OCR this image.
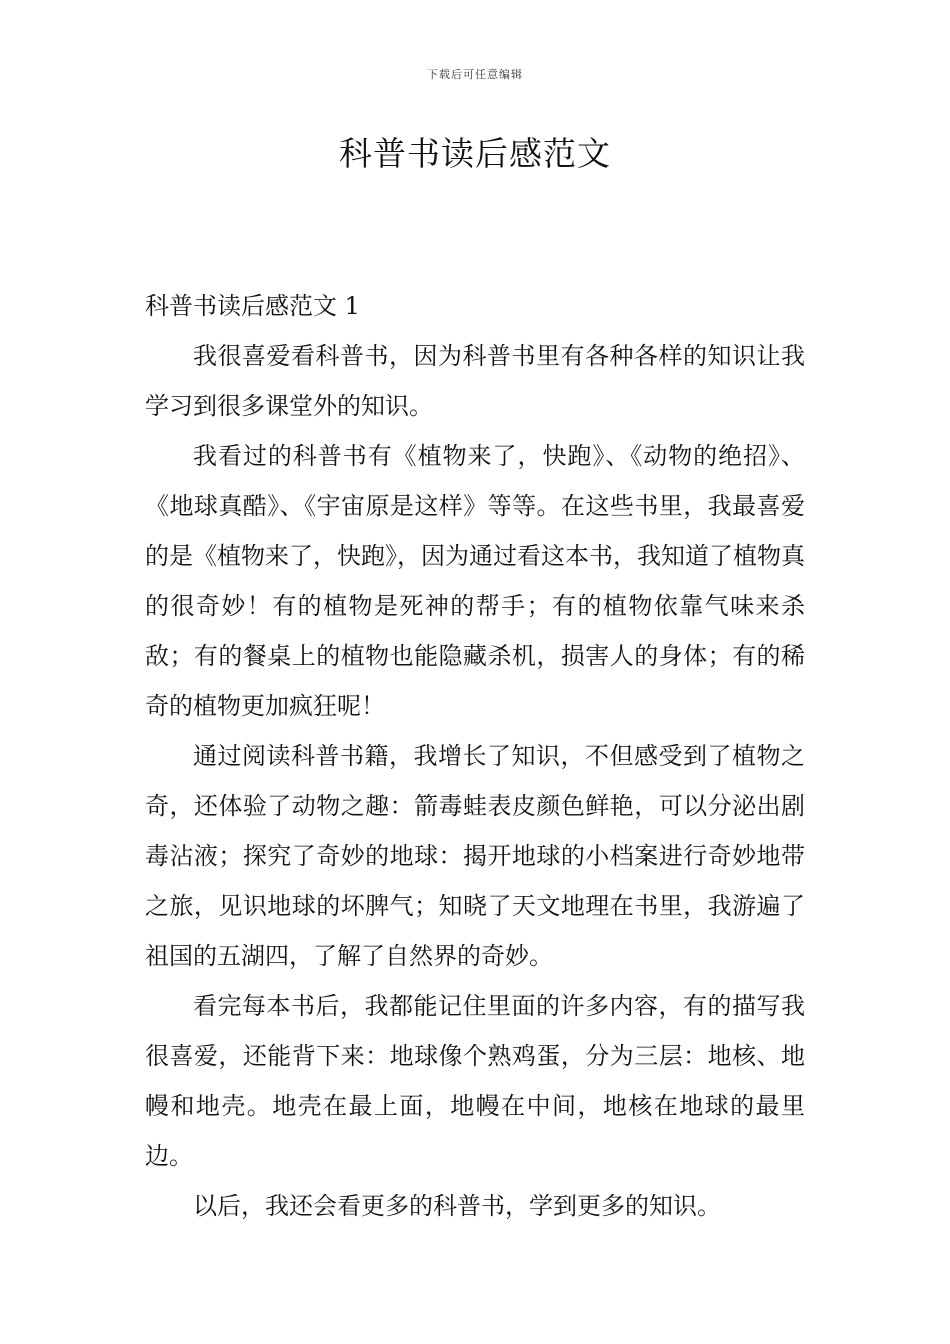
下载后可任意编辑
科普书读后感范文

科普书读后感范文 1

我很喜爱看科普书，因为科普书里有各种各样的知识让我学习到很多课堂外的知识。

我看过的科普书有《植物来了，快跑》、《动物的绝招》、《地球真酷》、《宇宙原是这样》等等。在这些书里，我最喜爱的是《植物来了，快跑》，因为通过看这本书，我知道了植物真的很奇妙！有的植物是死神的帮手；有的植物依靠气味来杀敌；有的餐桌上的植物也能隐藏杀机，损害人的身体；有的稀奇的植物更加疯狂呢！

通过阅读科普书籍，我增长了知识，不但感受到了植物之奇，还体验了动物之趣：箭毒蛙表皮颜色鲜艳，可以分泌出剧毒沾液；探究了奇妙的地球：揭开地球的小档案进行奇妙地带之旅，见识地球的坏脾气；知晓了天文地理在书里，我游遍了祖国的五湖四，了解了自然界的奇妙。

看完每本书后，我都能记住里面的许多内容，有的描写我很喜爱，还能背下来：地球像个熟鸡蛋，分为三层：地核、地幔和地壳。地壳在最上面，地幔在中间，地核在地球的最里边。

以后，我还会看更多的科普书，学到更多的知识。
